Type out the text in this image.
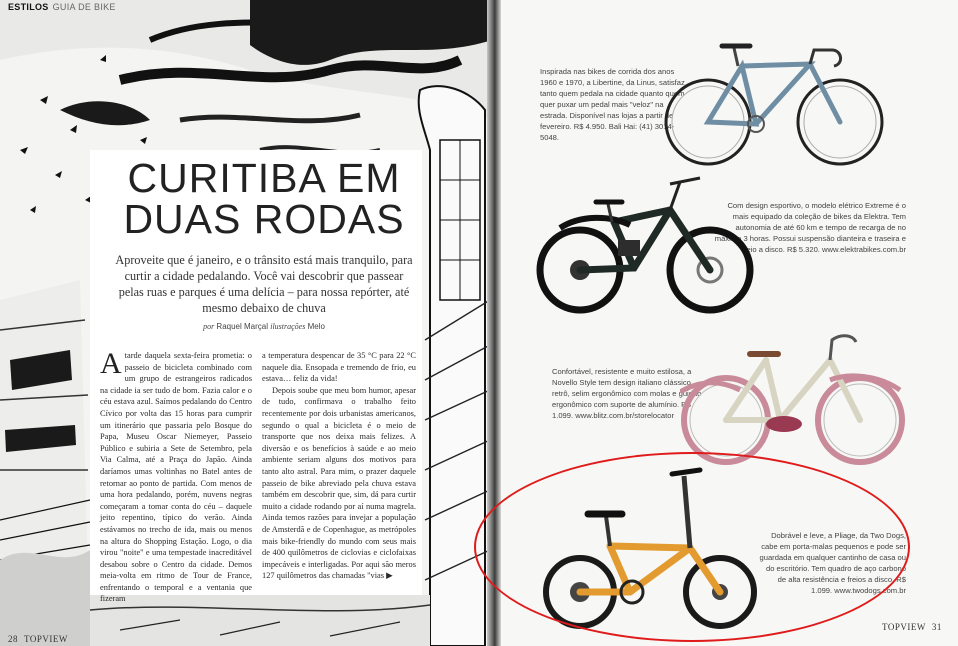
ESTILOS GUIA DE BIKE
CURITIBA EM
DUAS RODAS

Aproveite que é janeiro, e o trânsito está mais tranquilo, para curtir a cidade pedalando. Você vai descobrir que passear pelas ruas e parques é uma delícia – para nossa repórter, até mesmo debaixo de chuva

por Raquel Marçal ilustrações Melo

Atarde daquela sexta-feira prometia: o passeio de bicicleta combinado com um grupo de estrangeiros radicados na cidade ia ser tudo de bom. Fazia calor e o céu estava azul. Saímos pedalando do Centro Cívico por volta das 15 horas para cumprir um itinerário que passaria pelo Bosque do Papa, Museu Oscar Niemeyer, Passeio Público e subiria a Sete de Setembro, pela Via Calma, até a Praça do Japão. Ainda daríamos umas voltinhas no Batel antes de retornar ao ponto de partida. Com menos de uma hora pedalando, porém, nuvens negras começaram a tomar conta do céu – daquele jeito repentino, típico do verão. Ainda estávamos no trecho de ida, mais ou menos na altura do Shopping Estação. Logo, o dia virou "noite" e uma tempestade inacreditável desabou sobre o Centro da cidade. Demos meia-volta em ritmo de Tour de France, enfrentando o temporal e a ventania que fizeram

a temperatura despencar de 35 °C para 22 °C naquele dia. Ensopada e tremendo de frio, eu estava… feliz da vida!

Depois soube que meu bom humor, apesar de tudo, confirmava o trabalho feito recentemente por dois urbanistas americanos, segundo o qual a bicicleta é o meio de transporte que nos deixa mais felizes. A diversão e os benefícios à saúde e ao meio ambiente seriam alguns dos motivos para tanto alto astral. Para mim, o prazer daquele passeio de bike abreviado pela chuva estava também em descobrir que, sim, dá para curtir muito a cidade rodando por aí numa magrela. Ainda temos razões para invejar a população de Amsterdã e de Copenhague, as metrópoles mais bike-friendly do mundo com seus mais de 400 quilômetros de ciclovias e ciclofaixas impecáveis e interligadas. Por aqui são meros 127 quilômetros das chamadas "vias ▶

28 TOPVIEW

Inspirada nas bikes de corrida dos anos 1960 e 1970, a Libertine, da Linus, satisfaz tanto quem pedala na cidade quanto quem quer puxar um pedal mais "veloz" na estrada. Disponível nas lojas a partir de fevereiro. R$ 4.950. Bali Hai: (41) 3014-5048.

Com design esportivo, o modelo elétrico Extreme é o mais equipado da coleção de bikes da Elektra. Tem autonomia de até 60 km e tempo de recarga de no máximo 3 horas. Possui suspensão dianteira e traseira e freio a disco. R$ 5.320. www.elektrabikes.com.br

Confortável, resistente e muito estilosa, a Novello Style tem design italiano clássico retrô, selim ergonômico com molas e guidão ergonômico com suporte de alumínio. R$ 1.099. www.blitz.com.br/storelocator

Dobrável e leve, a Pliage, da Two Dogs, cabe em porta-malas pequenos e pode ser guardada em qualquer cantinho de casa ou do escritório. Tem quadro de aço carbono de alta resistência e freios a disco. R$ 1.099. www.twodogs.com.br

TOPVIEW 31
